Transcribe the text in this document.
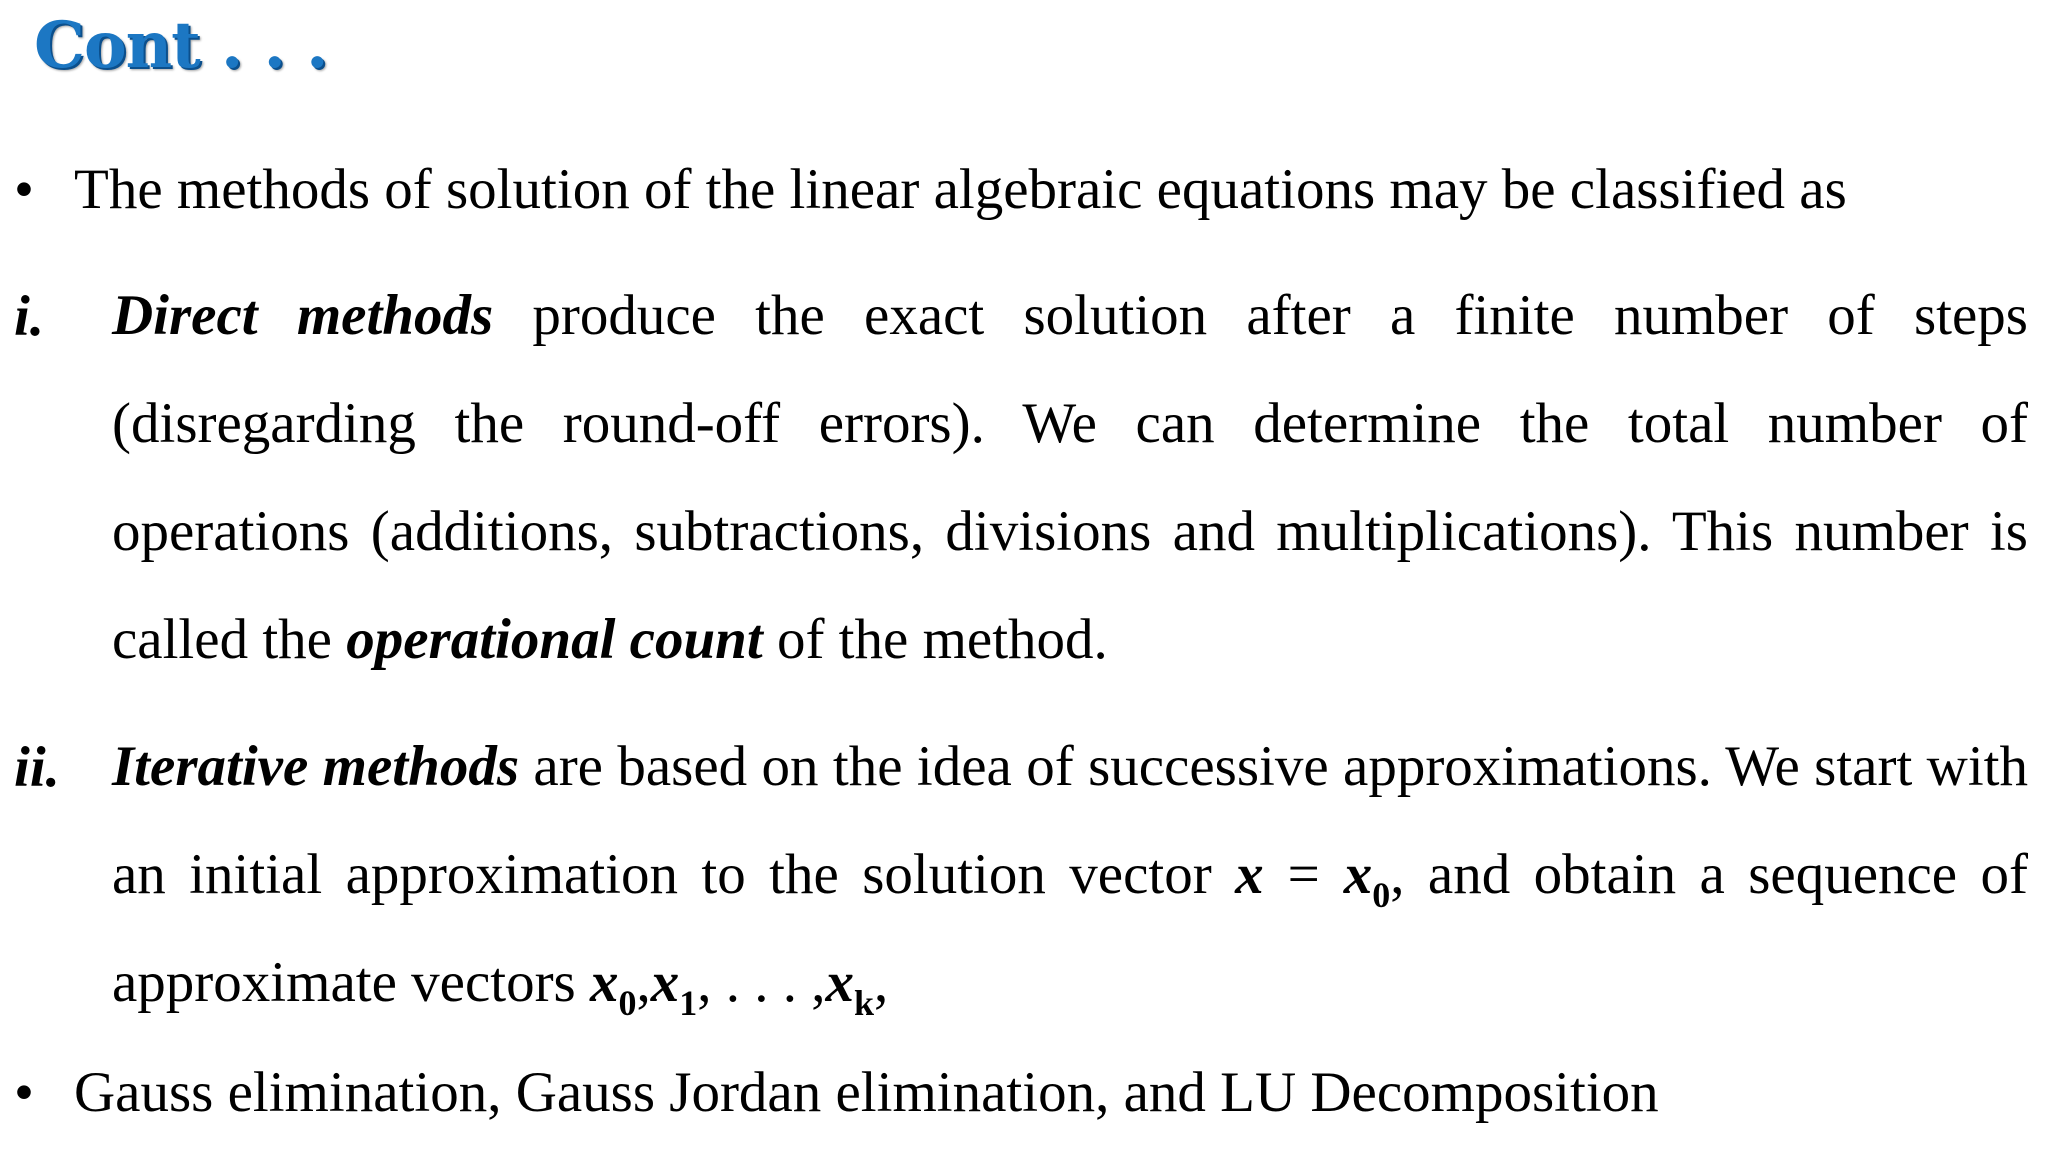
Cont . . .
• The methods of solution of the linear algebraic equations may be classified as
i. Direct methods produce the exact solution after a finite number of steps (disregarding the round-off errors). We can determine the total number of operations (additions, subtractions, divisions and multiplications). This number is called the operational count of the method.
ii. Iterative methods are based on the idea of successive approximations. We start with an initial approximation to the solution vector $x = x_0$, and obtain a sequence of approximate vectors $x_0,x_1$, . . . $,x_k$,
• Gauss elimination, Gauss Jordan elimination, and LU Decomposition
